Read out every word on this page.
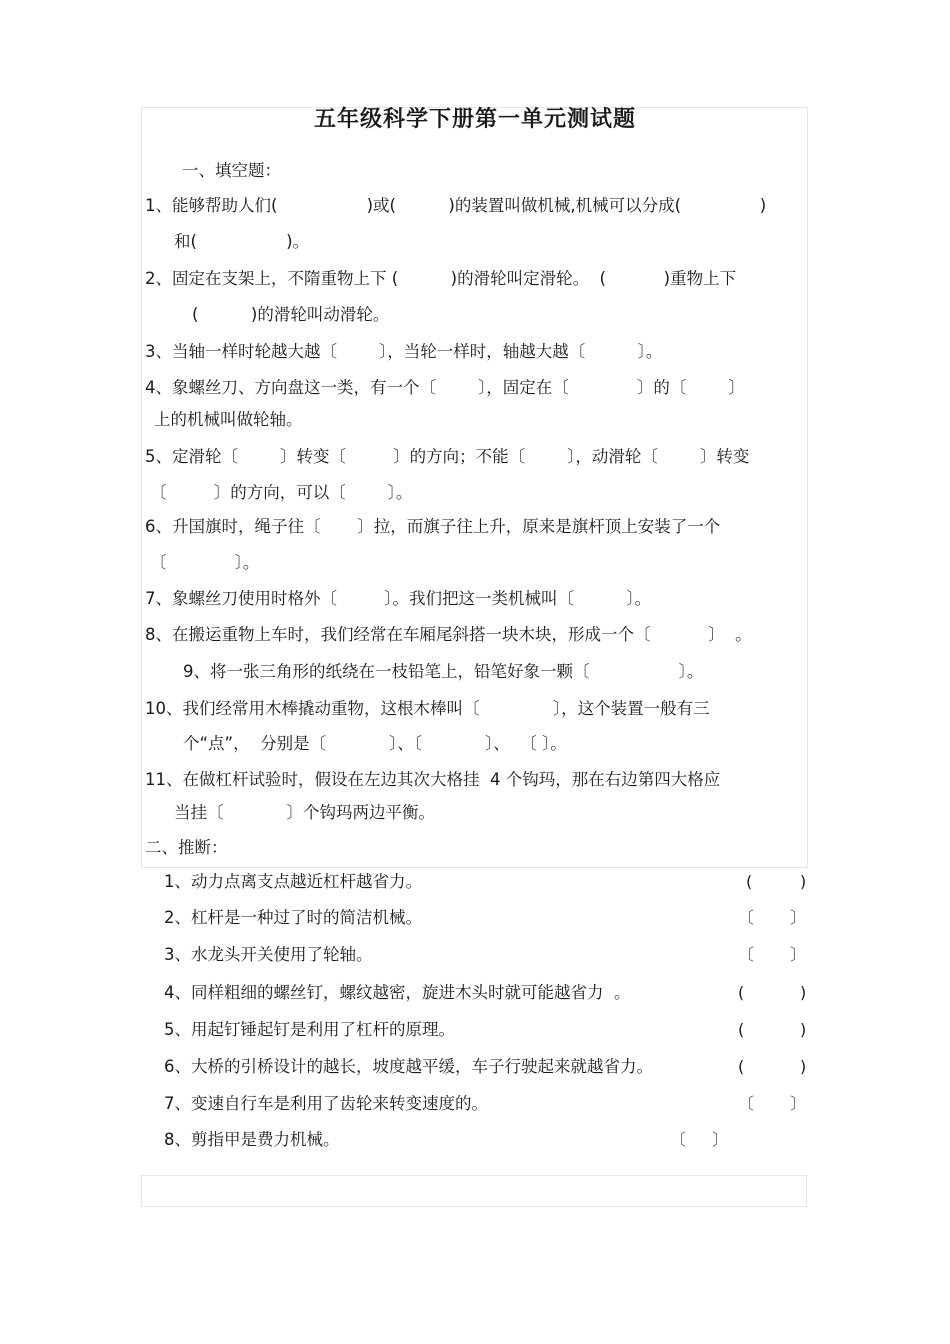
五年级科学下册第一单元测试题
一、填空题：
1、能够帮助人们(                 )或(          )的装置叫做机械,机械可以分成(               )
和(                 )。
2、固定在支架上，不隋重物上下 (          )的滑轮叫定滑轮。  (           )重物上下
(          )的滑轮叫动滑轮。
3、当轴一样时轮越大越〔        〕，当轮一样时，轴越大越〔          〕。
4、象螺丝刀、方向盘这一类，有一个〔        〕，固定在〔             〕的〔        〕
上的机械叫做轮轴。
5、定滑轮〔        〕转变〔         〕的方向；不能〔        〕，动滑轮〔        〕转变
〔         〕的方向，可以〔        〕。
6、升国旗时，绳子往〔       〕拉，而旗子往上升，原来是旗杆顶上安装了一个
〔             〕。
7、象螺丝刀使用时格外〔         〕。我们把这一类机械叫〔          〕。
8、在搬运重物上车时，我们经常在车厢尾斜搭一块木块，形成一个〔           〕  。
9、将一张三角形的纸绕在一枝铅笔上，铅笔好象一颗〔                 〕。
10、我们经常用木棒撬动重物，这根木棒叫〔              〕，这个装置一般有三
个“点”，  分别是〔            〕、〔            〕、  〔 〕。
11、在做杠杆试验时，假设在左边其次大格挂  4 个钩玛，那在右边第四大格应
当挂〔            〕个钩玛两边平衡。
二、推断：
1、动力点离支点越近杠杆越省力。	(	)
2、杠杆是一种过了时的简洁机械。	〔 〕
3、水龙头开关使用了轮轴。	〔 〕
4、同样粗细的螺丝钉，螺纹越密，旋进木头时就可能越省力  。	(	)
5、用起钉锤起钉是利用了杠杆的原理。	(	)
6、大桥的引桥设计的越长，坡度越平缓，车子行驶起来就越省力。	(	)
7、变速自行车是利用了齿轮来转变速度的。	〔 〕
8、剪指甲是费力机械。	〔 〕
